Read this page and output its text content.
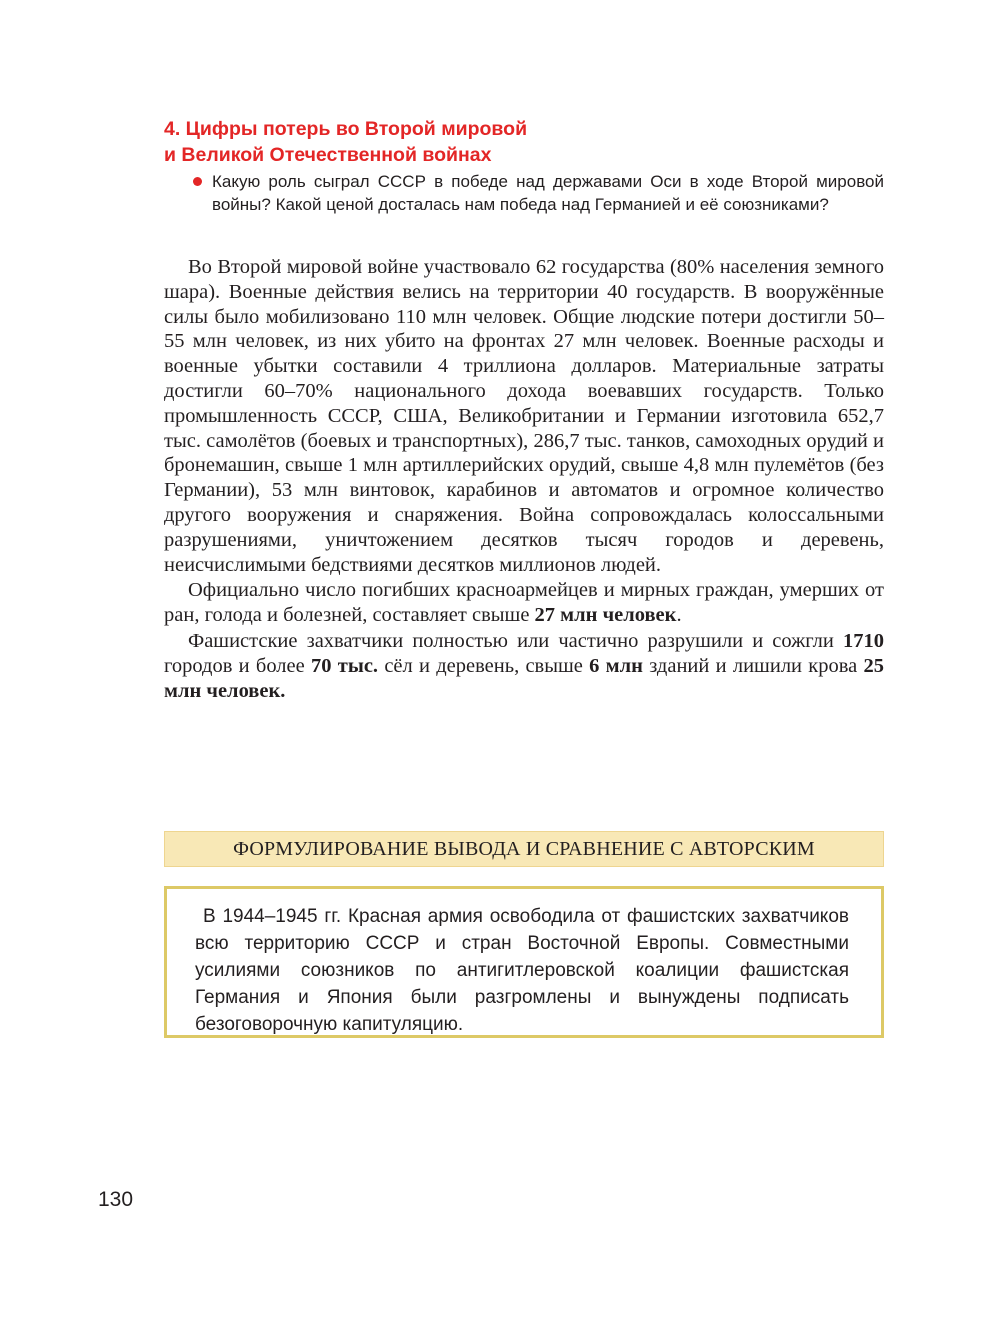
4. Цифры потерь во Второй мировой
и Великой Отечественной войнах
Какую роль сыграл СССР в победе над державами Оси в ходе Второй мировой войны? Какой ценой досталась нам победа над Германией и её союзниками?

Во Второй мировой войне участвовало 62 государства (80% населения земного шара). Военные действия велись на территории 40 государств. В вооружённые силы было мобилизовано 110 млн человек. Общие людские потери достигли 50–55 млн человек, из них убито на фронтах 27 млн человек. Военные расходы и военные убытки составили 4 триллиона долларов. Материальные затраты достигли 60–70% национального дохода воевавших государств. Только промышленность СССР, США, Великобритании и Германии изготовила 652,7 тыс. самолётов (боевых и транспортных), 286,7 тыс. танков, самоходных орудий и бронемашин, свыше 1 млн артиллерийских орудий, свыше 4,8 млн пулемётов (без Германии), 53 млн винтовок, карабинов и автоматов и огромное количество другого вооружения и снаряжения. Война сопровождалась колоссальными разрушениями, уничтожением десятков тысяч городов и деревень, неисчислимыми бедствиями десятков миллионов людей.

Официально число погибших красноармейцев и мирных граждан, умерших от ран, голода и болезней, составляет свыше 27 млн человек.

Фашистские захватчики полностью или частично разрушили и сожгли 1710 городов и более 70 тыс. сёл и деревень, свыше 6 млн зданий и лишили крова 25 млн человек.

ФОРМУЛИРОВАНИЕ ВЫВОДА И СРАВНЕНИЕ С АВТОРСКИМ
В 1944–1945 гг. Красная армия освободила от фашистских захватчиков всю территорию СССР и стран Восточной Европы. Совместными усилиями союзников по антигитлеровской коалиции фашистская Германия и Япония были разгромлены и вынуждены подписать безоговорочную капитуляцию.
130
